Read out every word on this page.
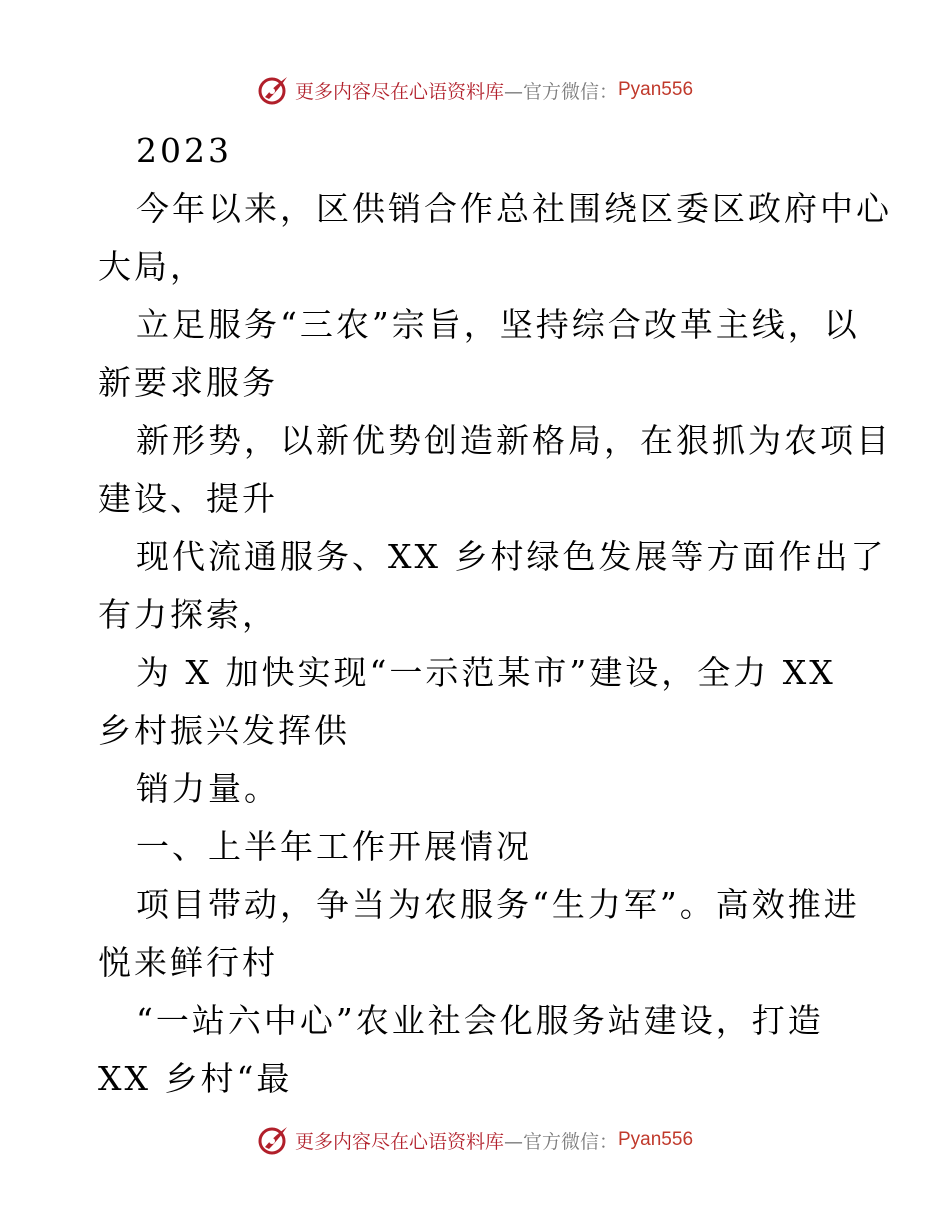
更多内容尽在心语资料库 —官方微信： Pyan556
2023
今年以来，区供销合作总社围绕区委区政府中心
大局，
立足服务“三农”宗旨，坚持综合改革主线，以
新要求服务
新形势，以新优势创造新格局，在狠抓为农项目
建设、提升
现代流通服务、XX 乡村绿色发展等方面作出了
有力探索，
为 X 加快实现“一示范某市”建设，全力 XX
乡村振兴发挥供
销力量。
一、上半年工作开展情况
项目带动，争当为农服务“生力军”。高效推进
悦来鲜行村
“一站六中心”农业社会化服务站建设，打造
XX 乡村“最
更多内容尽在心语资料库 —官方微信： Pyan556
